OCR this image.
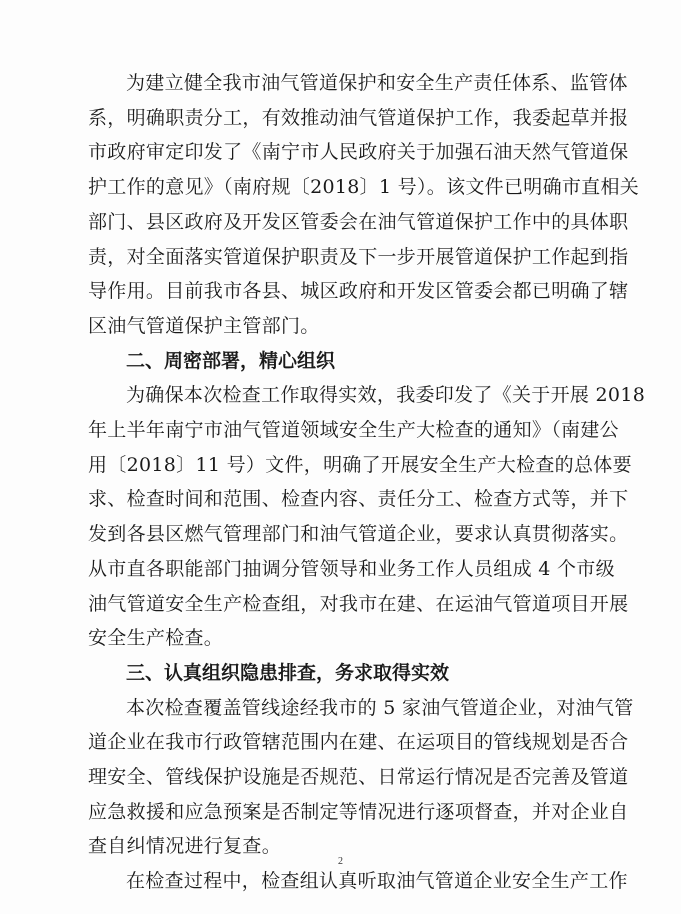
为建立健全我市油气管道保护和安全生产责任体系、监管体
系，明确职责分工，有效推动油气管道保护工作，我委起草并报
市政府审定印发了《南宁市人民政府关于加强石油天然气管道保
护工作的意见》（南府规〔2018〕1 号）。该文件已明确市直相关
部门、县区政府及开发区管委会在油气管道保护工作中的具体职
责，对全面落实管道保护职责及下一步开展管道保护工作起到指
导作用。目前我市各县、城区政府和开发区管委会都已明确了辖
区油气管道保护主管部门。

二、周密部署，精心组织

为确保本次检查工作取得实效，我委印发了《关于开展 2018
年上半年南宁市油气管道领域安全生产大检查的通知》（南建公
用〔2018〕11 号）文件，明确了开展安全生产大检查的总体要
求、检查时间和范围、检查内容、责任分工、检查方式等，并下
发到各县区燃气管理部门和油气管道企业，要求认真贯彻落实。
从市直各职能部门抽调分管领导和业务工作人员组成 4 个市级
油气管道安全生产检查组，对我市在建、在运油气管道项目开展
安全生产检查。

三、认真组织隐患排查，务求取得实效

本次检查覆盖管线途经我市的 5 家油气管道企业，对油气管
道企业在我市行政管辖范围内在建、在运项目的管线规划是否合
理安全、管线保护设施是否规范、日常运行情况是否完善及管道
应急救援和应急预案是否制定等情况进行逐项督查，并对企业自
查自纠情况进行复查。

在检查过程中，检查组认真听取油气管道企业安全生产工作

2
